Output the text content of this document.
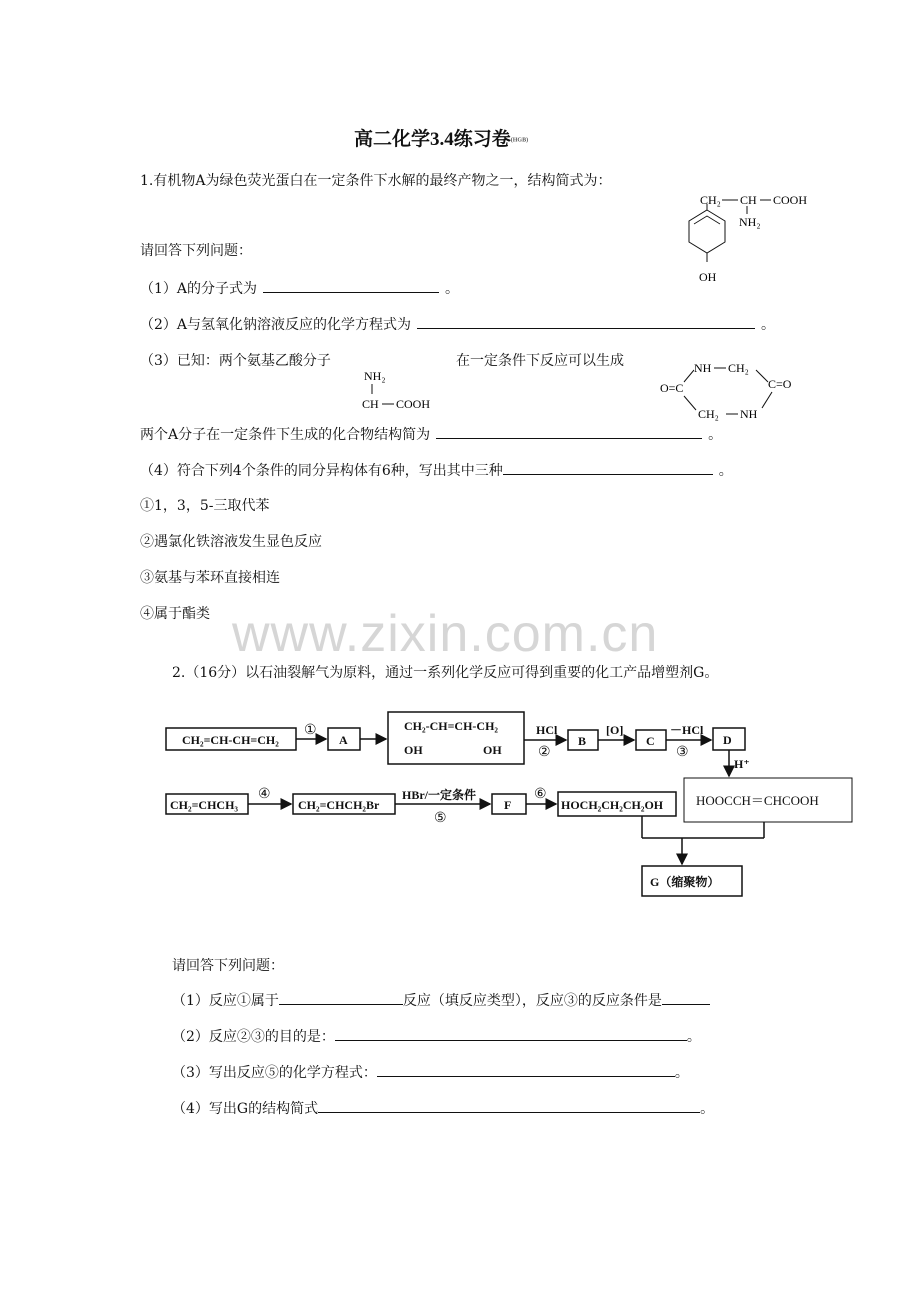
高二化学3.4练习卷(HGB)
1.有机物A为绿色荧光蛋白在一定条件下水解的最终产物之一，结构简式为：
CH₂ CH COOH
NH₂
OH
请回答下列问题：
（1）A的分子式为	。
（2）A与氢氧化钠溶液反应的化学方程式为	。
（3）已知：两个氨基乙酸分子	在一定条件下反应可以生成
NH₂
CH COOH
NH CH₂
O=C	C=O
CH₂ NH
两个A分子在一定条件下生成的化合物结构简为	。
（4）符合下列4个条件的同分异构体有6种，写出其中三种	。
①1，3，5-三取代苯
②遇氯化铁溶液发生显色反应
③氨基与苯环直接相连
④属于酯类 www.zixin.com.cn
2.（16分）以石油裂解气为原料，通过一系列化学反应可得到重要的化工产品增塑剂G。
CH₂=CH-CH=CH₂
①
A
CH₂-CH=CH-CH₂
OH	OH
HCl
②
B
[O]
C
－HCl
③
D
H⁺
CH₂=CHCH₃
④
CH₂=CHCH₂Br
HBr/一定条件
⑤
F
⑥
HOCH₂CH₂CH₂OH	HOOCCH＝CHCOOH
G（缩聚物）
请回答下列问题：
（1）反应①属于	反应（填反应类型），反应③的反应条件是
（2）反应②③的目的是：	。
（3）写出反应⑤的化学方程式：	。
（4）写出G的结构简式	。
